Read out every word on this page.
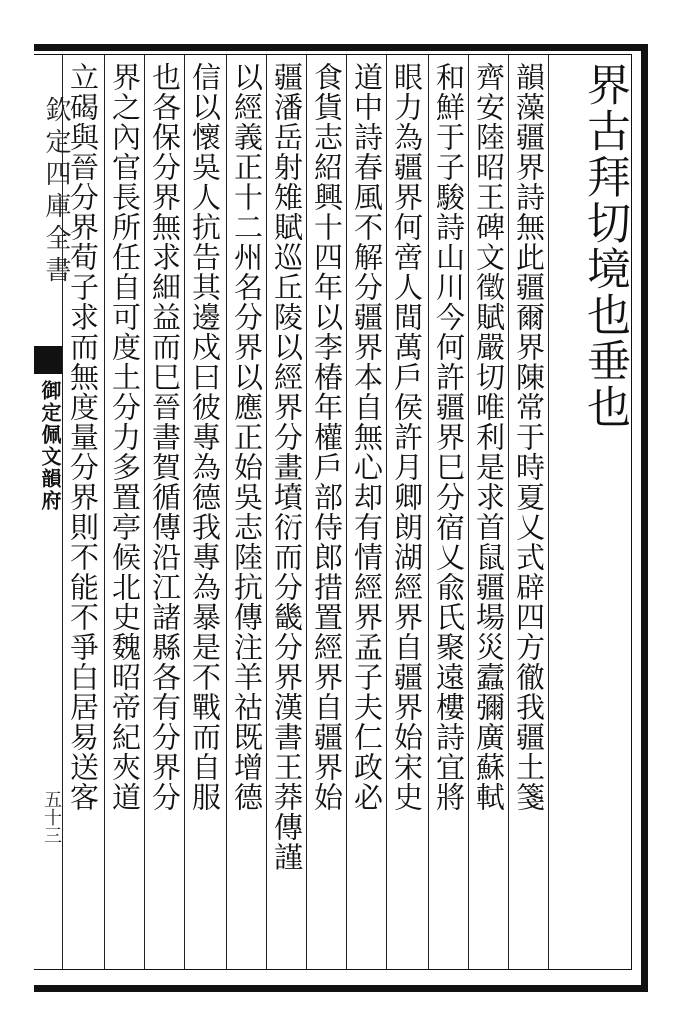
欽定四庫全書
御定佩文韻府
五十三
界古拜切境也垂也
韻藻疆界詩無此疆爾界陳常于時夏乂式辟四方徹我疆土箋
齊安陸昭王碑文徵賦嚴切唯利是求首鼠疆場災蠧彌廣蘇軾
和鮮于子駿詩山川今何許疆界巳分宿乂兪氏聚遠樓詩宜將
眼力為疆界何啻人間萬戶侯許月卿朗湖經界自疆界始宋史
道中詩春風不解分疆界本自無心却有情經界孟子夫仁政必
食貨志紹興十四年以李椿年權戶部侍郎措置經界自疆界始
疆潘岳射雉賦巡丘陵以經界分畫墳衍而分畿分界漢書王莽傳謹
以經義正十二州名分界以應正始吳志陸抗傳注羊祜既增德
信以懷吳人抗告其邊戍曰彼專為德我專為暴是不戰而自服
也各保分界無求細益而巳晉書賀循傳沿江諸縣各有分界分
界之內官長所任自可度土分力多置亭候北史魏昭帝紀夾道
立碣與晉分界荀子求而無度量分界則不能不爭白居易送客
